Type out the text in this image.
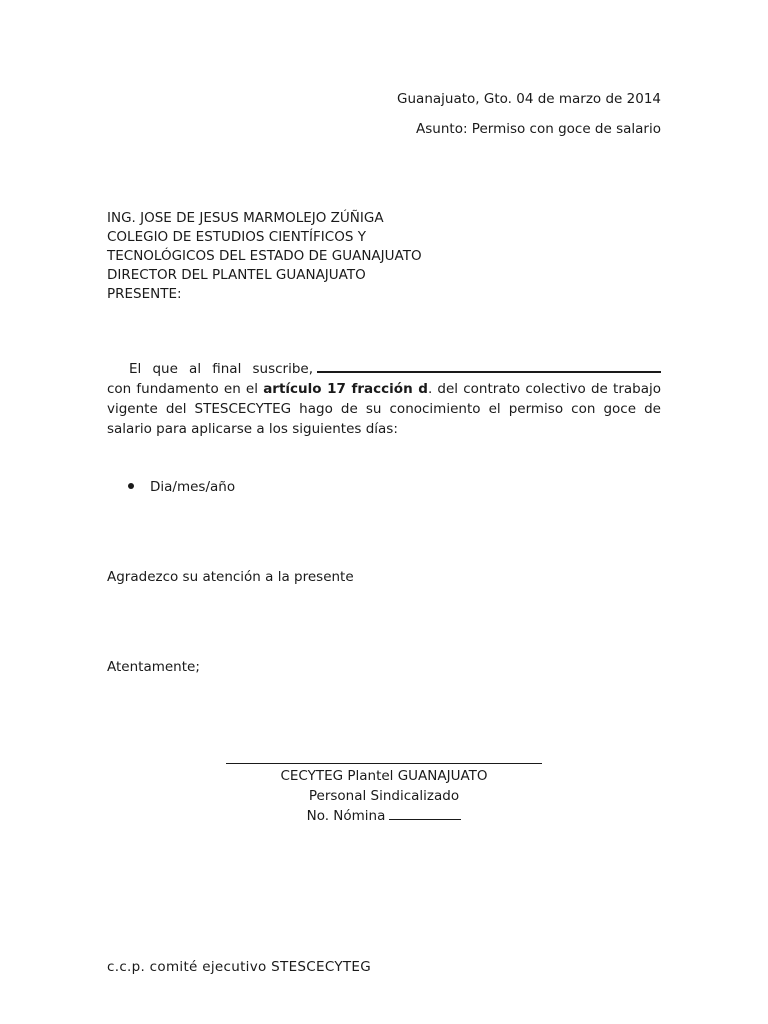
Guanajuato, Gto. 04 de marzo de 2014
Asunto: Permiso con goce de salario
ING. JOSE DE JESUS MARMOLEJO ZÚÑIGA
COLEGIO DE ESTUDIOS CIENTÍFICOS Y
TECNOLÓGICOS DEL ESTADO DE GUANAJUATO
DIRECTOR DEL PLANTEL GUANAJUATO
PRESENTE:
El que al final suscribe, con fundamento en el artículo 17 fracción d. del contrato colectivo de trabajo vigente del STESCECYTEG hago de su conocimiento el permiso con goce de salario para aplicarse a los siguientes días:
Dia/mes/año
Agradezco su atención a la presente
Atentamente;
CECYTEG Plantel GUANAJUATO
Personal Sindicalizado
No. Nómina
c.c.p. comité ejecutivo STESCECYTEG
